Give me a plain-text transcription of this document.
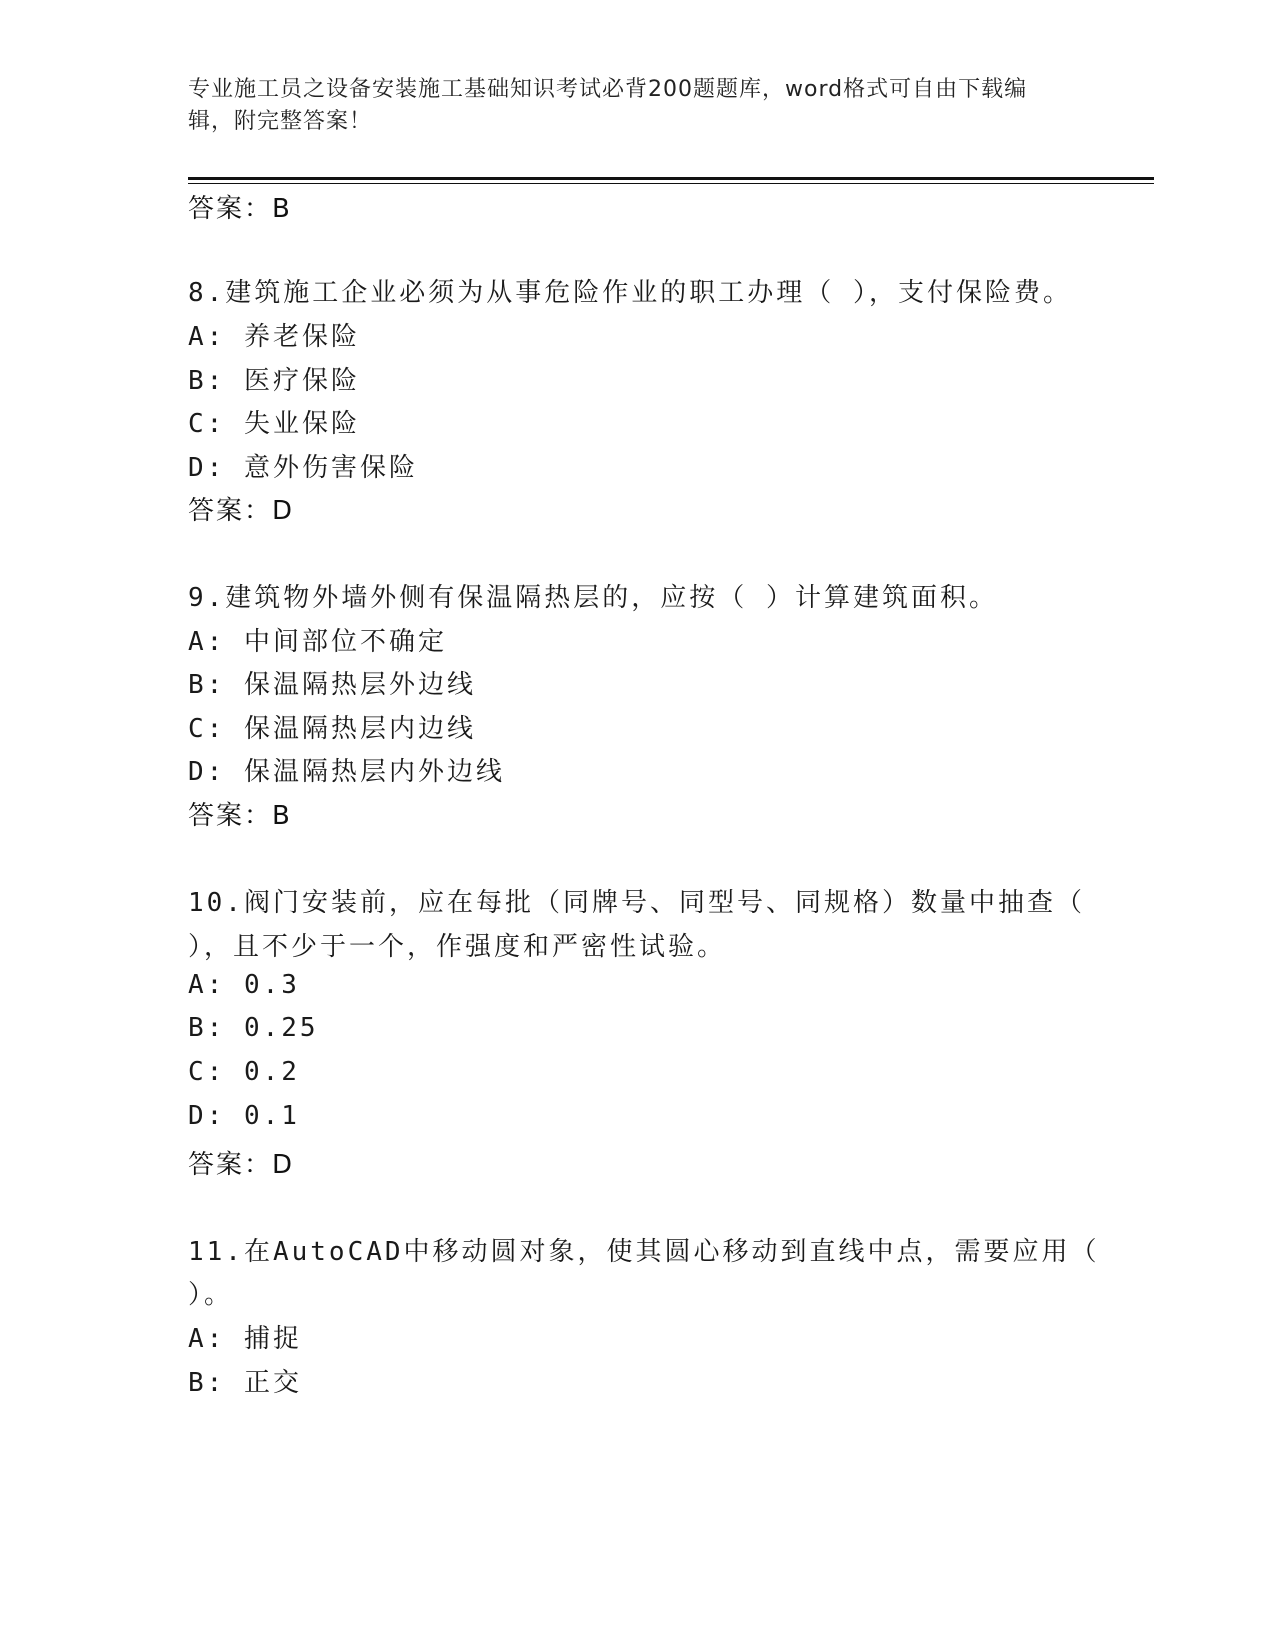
专业施工员之设备安装施工基础知识考试必背200题题库，word格式可自由下载编辑，附完整答案！
答案：B
8.建筑施工企业必须为从事危险作业的职工办理（ ），支付保险费。
A: 养老保险
B: 医疗保险
C: 失业保险
D: 意外伤害保险
答案：D
9.建筑物外墙外侧有保温隔热层的，应按（ ）计算建筑面积。
A: 中间部位不确定
B: 保温隔热层外边线
C: 保温隔热层内边线
D: 保温隔热层内外边线
答案：B
10.阀门安装前，应在每批（同牌号、同型号、同规格）数量中抽查（
），且不少于一个，作强度和严密性试验。
A: 0.3
B: 0.25
C: 0.2
D: 0.1
答案：D
11.在AutoCAD中移动圆对象，使其圆心移动到直线中点，需要应用（
）。
A: 捕捉
B: 正交
